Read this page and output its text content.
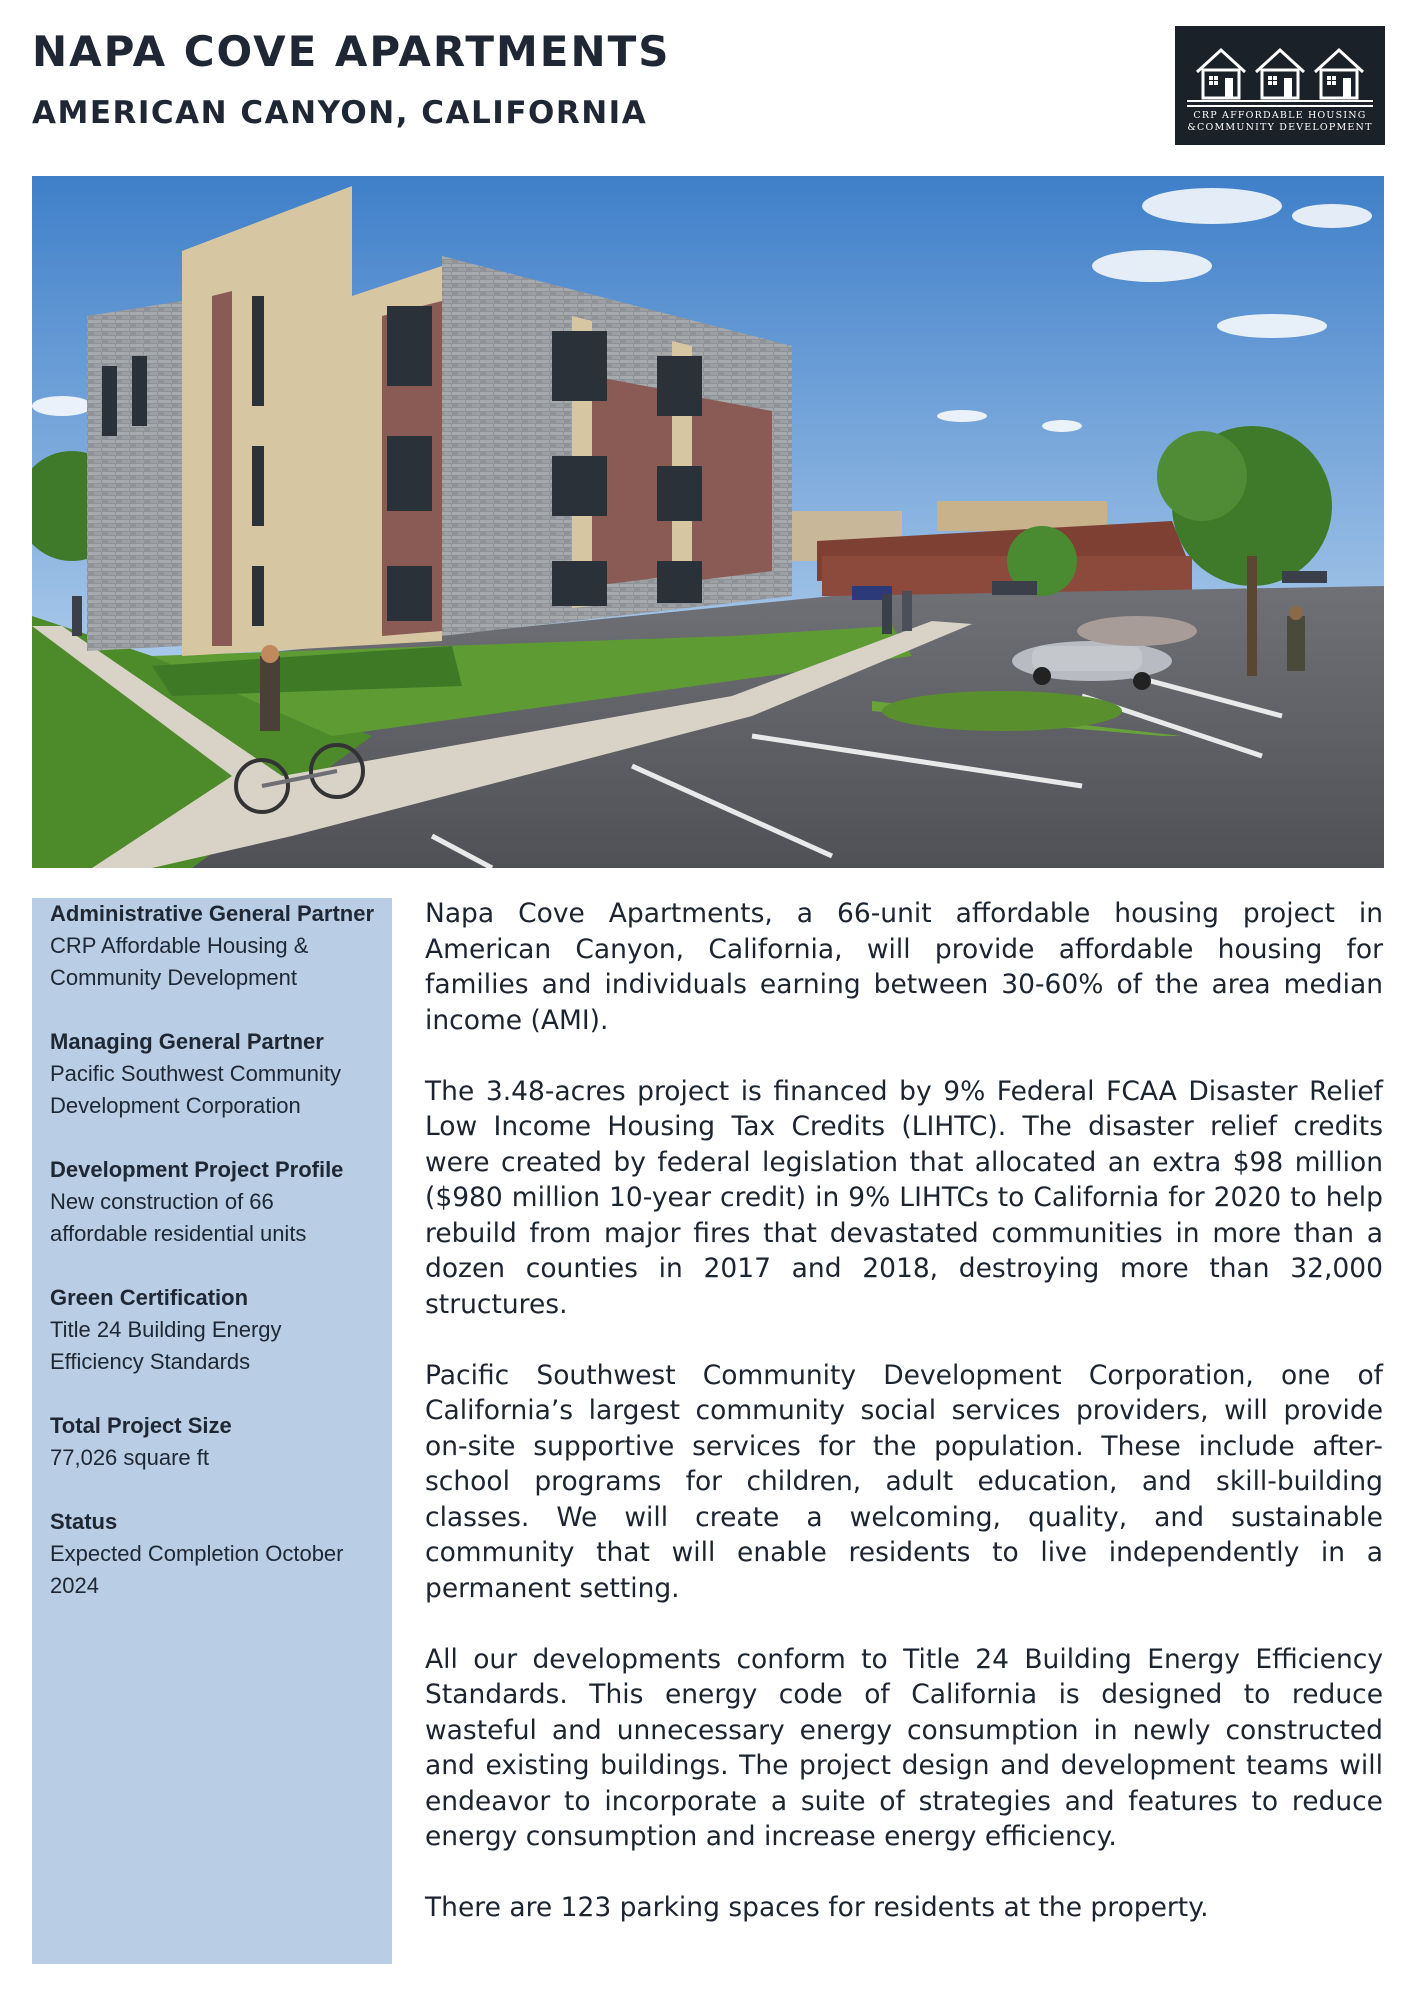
NAPA COVE APARTMENTS
AMERICAN CANYON, CALIFORNIA	CRP AFFORDABLE HOUSING
&COMMUNITY DEVELOPMENT

Administrative General Partner

CRP Affordable Housing & Community Development

Managing General Partner

Pacific Southwest Community Development Corporation

Development Project Profile

New construction of 66 affordable residential units

Green Certification

Title 24 Building Energy Efficiency Standards

Total Project Size

77,026 square ft

Status

Expected Completion October 2024

Napa Cove Apartments, a 66-unit affordable housing project in American Canyon, California, will provide affordable housing for families and individuals earning between 30-60% of the area median income (AMI).

The 3.48-acres project is financed by 9% Federal FCAA Disaster Relief Low Income Housing Tax Credits (LIHTC). The disaster relief credits were created by federal legislation that allocated an extra $98 million ($980 million 10-year credit) in 9% LIHTCs to California for 2020 to help rebuild from major fires that devastated communities in more than a dozen counties in 2017 and 2018, destroying more than 32,000 structures.

Pacific Southwest Community Development Corporation, one of California’s largest community social services providers, will provide on-site supportive services for the population. These include after-school programs for children, adult education, and skill-building classes. We will create a welcoming, quality, and sustainable community that will enable residents to live independently in a permanent setting.

All our developments conform to Title 24 Building Energy Efficiency Standards. This energy code of California is designed to reduce wasteful and unnecessary energy consumption in newly constructed and existing buildings. The project design and development teams will endeavor to incorporate a suite of strategies and features to reduce energy consumption and increase energy efficiency.

There are 123 parking spaces for residents at the property.
